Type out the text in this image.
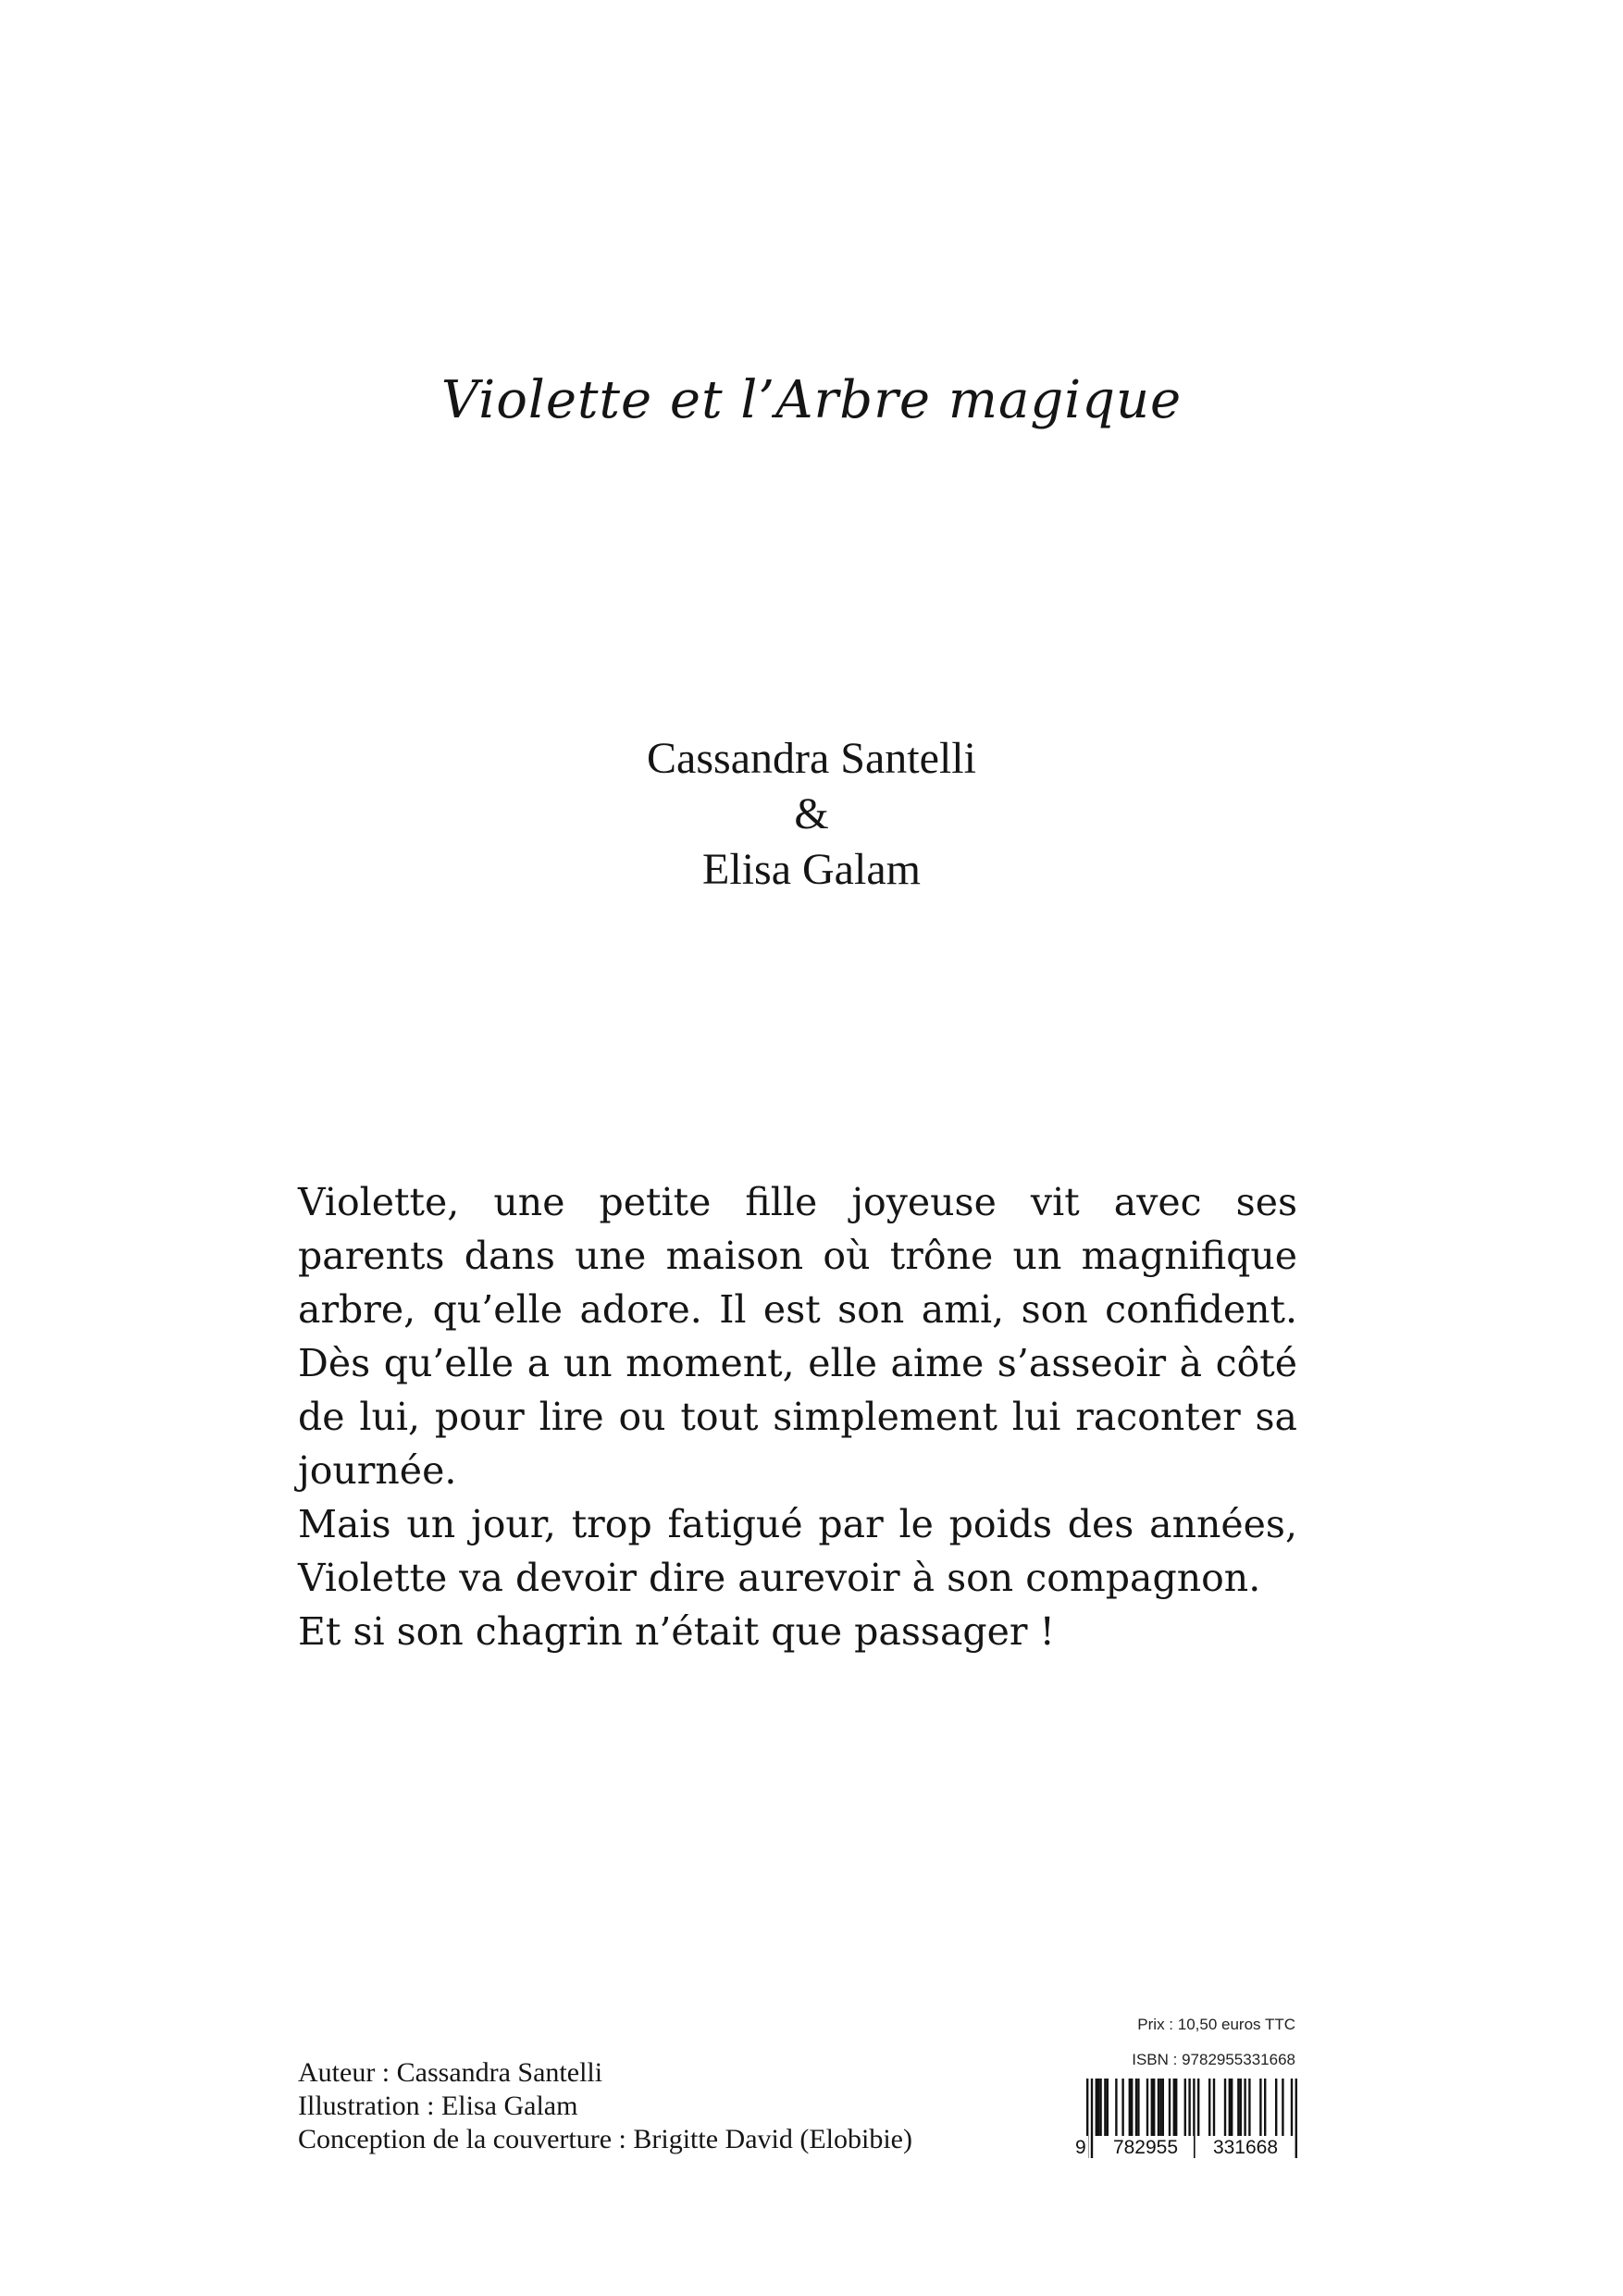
Violette et l’Arbre magique
Cassandra Santelli
&
Elisa Galam

Violette, une petite fille joyeuse vit avec ses parents dans une maison où trône un magnifique arbre, qu’elle adore. Il est son ami, son confident. Dès qu’elle a un moment, elle aime s’asseoir à côté de lui, pour lire ou tout simplement lui raconter sa journée.

Mais un jour, trop fatigué par le poids des années, Violette va devoir dire aurevoir à son compagnon.

Et si son chagrin n’était que passager !

Auteur : Cassandra Santelli
Illustration : Elisa Galam
Conception de la couverture : Brigitte David (Elobibie)
Prix : 10,50 euros TTC
ISBN : 9782955331668
9	782955	331668
